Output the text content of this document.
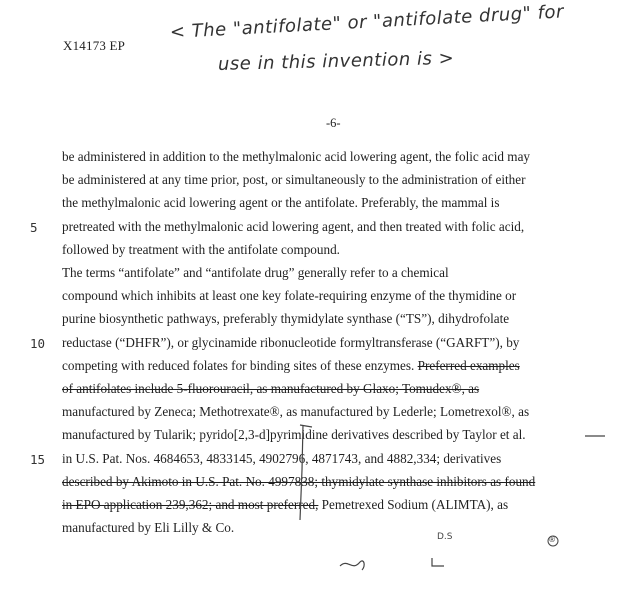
X14173 EP
< The "antifolate" or "antifolate drug" for
use in this invention is >
-6-
be administered in addition to the methylmalonic acid lowering agent, the folic acid may
be administered at any time prior, post, or simultaneously to the administration of either
the methylmalonic acid lowering agent or the antifolate. Preferably, the mammal is
5 pretreated with the methylmalonic acid lowering agent, and then treated with folic acid,
followed by treatment with the antifolate compound.
The terms “antifolate” and “antifolate drug” generally refer to a chemical
compound which inhibits at least one key folate-requiring enzyme of the thymidine or
purine biosynthetic pathways, preferably thymidylate synthase (“TS”), dihydrofolate
10 reductase (“DHFR”), or glycinamide ribonucleotide formyltransferase (“GARFT”), by
competing with reduced folates for binding sites of these enzymes. Preferred examples
of antifolates include 5-fluorouracil, as manufactured by Glaxo; Tomudex®, as
manufactured by Zeneca; Methotrexate®, as manufactured by Lederle; Lometrexol®, as
manufactured by Tularik; pyrido[2,3-d]pyrimidine derivatives described by Taylor et al.
15 in U.S. Pat. Nos. 4684653, 4833145, 4902796, 4871743, and 4882,334; derivatives
described by Akimoto in U.S. Pat. No. 4997838; thymidylate synthase inhibitors as found
in EPO application 239,362; and most preferred, Pemetrexed Sodium (ALIMTA), as
manufactured by Eli Lilly & Co.
D.S	®
